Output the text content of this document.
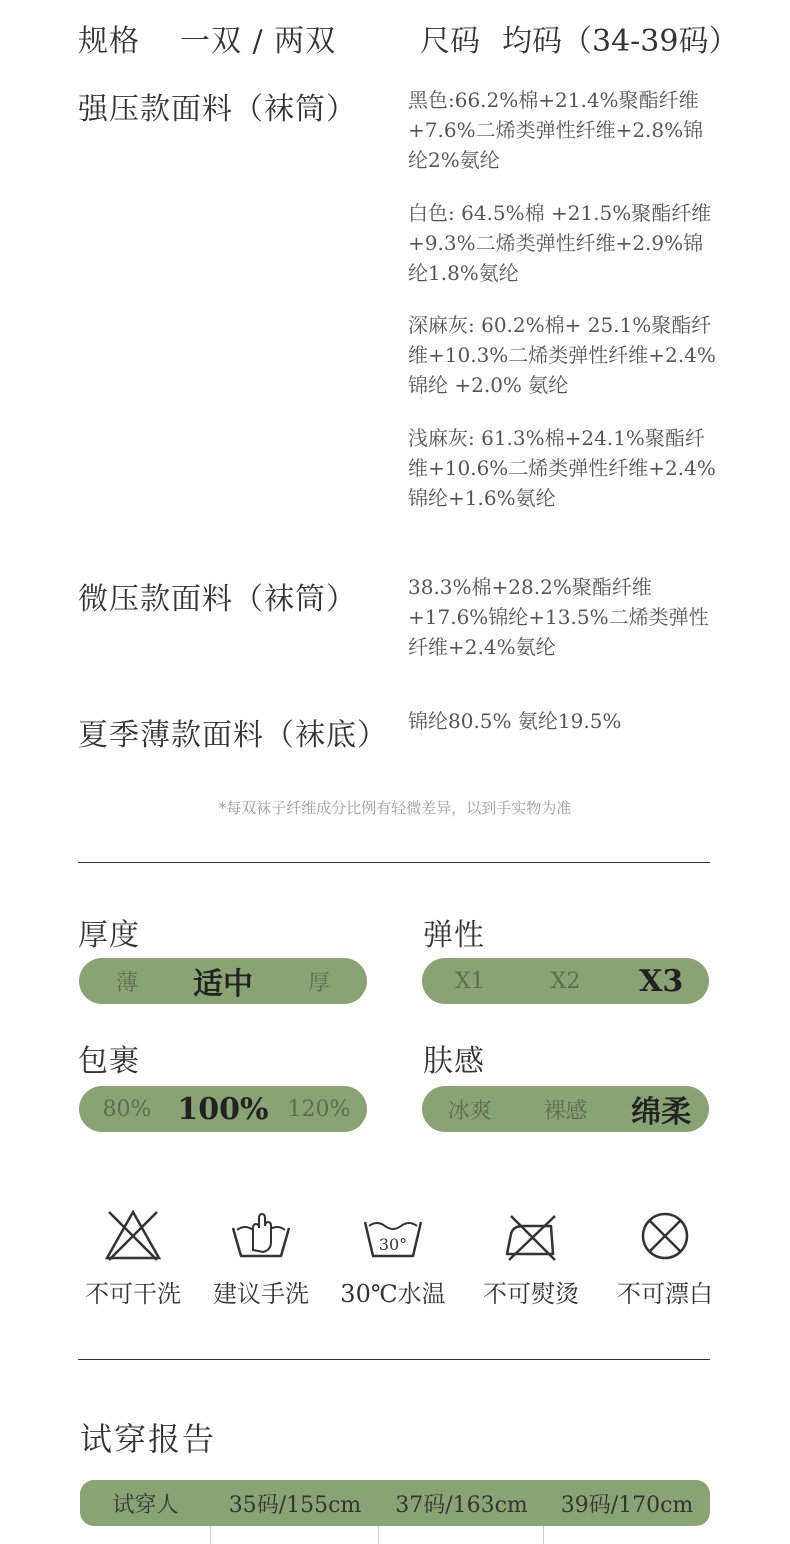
规格 一双 / 两双	尺码 均码（34-39码）
强压款面料（袜筒）	黑色:66.2%棉+21.4%聚酯纤维+7.6%二烯类弹性纤维+2.8%锦纶2%氨纶
白色: 64.5%棉 +21.5%聚酯纤维+9.3%二烯类弹性纤维+2.9%锦纶1.8%氨纶
深麻灰: 60.2%棉+ 25.1%聚酯纤维+10.3%二烯类弹性纤维+2.4%锦纶 +2.0% 氨纶
浅麻灰: 61.3%棉+24.1%聚酯纤维+10.6%二烯类弹性纤维+2.4%锦纶+1.6%氨纶
微压款面料（袜筒）	38.3%棉+28.2%聚酯纤维+17.6%锦纶+13.5%二烯类弹性纤维+2.4%氨纶
夏季薄款面料（袜底） 锦纶80.5% 氨纶19.5%
*每双袜子纤维成分比例有轻微差异，以到手实物为准
厚度
薄	适中	厚
弹性
X1	X2	X3
包裹
80% 100% 120%
肤感
冰爽	裸感	绵柔
不可干洗	建议手洗
30°
30℃水温	不可熨烫	不可漂白
试穿报告
试穿人	35码/155cm	37码/163cm	39码/170cm
